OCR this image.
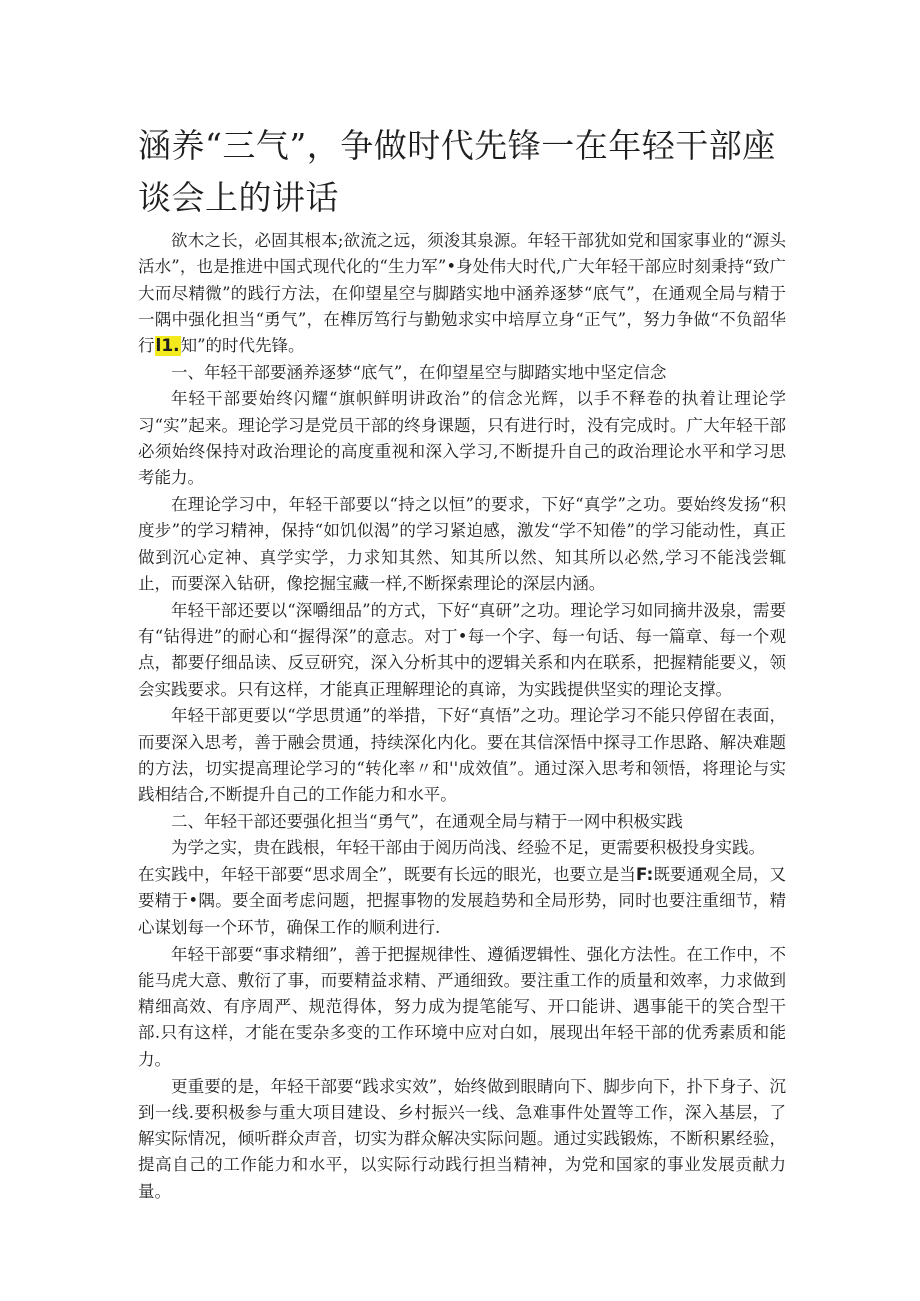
涵养“三气”，争做时代先锋一在年轻干部座谈会上的讲话

欲木之长，必固其根本;欲流之远，须浚其泉源。年轻干部犹如党和国家事业的“源头活水”，也是推进中国式现代化的“生力军”•身处伟大时代,广大年轻干部应时刻秉持“致广大而尽精微”的践行方法，在仰望星空与脚踏实地中涵养逐梦“底气”，在通观全局与精于一隅中强化担当“勇气”，在榫厉笃行与勤勉求实中培厚立身“正气”，努力争做“不负韶华行l1.知”的时代先锋。

一、年轻干部要涵养逐梦“底气”，在仰望星空与脚踏实地中坚定信念

年轻干部要始终闪耀“旗帜鲜明讲政治”的信念光辉，以手不释卷的执着让理论学习“实”起来。理论学习是党员干部的终身课题，只有进行时，没有完成时。广大年轻干部必须始终保持对政治理论的高度重视和深入学习,不断提升自己的政治理论水平和学习思考能力。

在理论学习中，年轻干部要以“持之以恒”的要求，下好“真学”之功。要始终发扬“积度步”的学习精神，保持“如饥似渴”的学习紧迫感，激发“学不知倦”的学习能动性，真正做到沉心定神、真学实学，力求知其然、知其所以然、知其所以必然,学习不能浅尝辄止，而要深入钻研，像挖掘宝藏一样,不断探索理论的深层内涵。

年轻干部还要以“深嚼细品”的方式，下好“真研”之功。理论学习如同摘井汲泉，需要有“钻得进”的耐心和“握得深”的意志。对丁•每一个字、每一句话、每一篇章、每一个观点，都要仔细品读、反豆研究，深入分析其中的逻辑关系和内在联系，把握精能要义，领会实践要求。只有这样，才能真正理解理论的真谛，为实践提供坚实的理论支撑。

年轻干部更要以“学思贯通”的举措，下好“真悟”之功。理论学习不能只停留在表面，而要深入思考，善于融会贯通，持续深化内化。要在其信深悟中探寻工作思路、解决难题的方法，切实提高理论学习的“转化率〃和''成效值”。通过深入思考和领悟，将理论与实践相结合,不断提升自己的工作能力和水平。

二、年轻干部还要强化担当“勇气”，在通观全局与精于一网中积极实践

为学之实，贵在践根，年轻干部由于阅历尚浅、经验不足，更需要积极投身实践。

在实践中，年轻干部要“思求周全”，既要有长远的眼光，也要立是当F:既要通观全局，又要精于•隅。要全面考虑问题，把握事物的发展趋势和全局形势，同时也要注重细节，精心谋划每一个环节，确保工作的顺利进行.

年轻干部要“事求精细”，善于把握规律性、遵循逻辑性、强化方法性。在工作中，不能马虎大意、敷衍了事，而要精益求精、严通细致。要注重工作的质量和效率，力求做到精细高效、有序周严、规范得体，努力成为提笔能写、开口能讲、遇事能干的笑合型干部.只有这样，才能在雯杂多变的工作环境中应对白如，展现出年轻干部的优秀素质和能力。

更重要的是，年轻干部要“践求实效”，始终做到眼睛向下、脚步向下，扑下身子、沉到一线.要积极参与重大项目建设、乡村振兴一线、急难事件处置等工作，深入基层，了解实际情况，倾听群众声音，切实为群众解决实际问题。通过实践锻炼，不断积累经验，提高自己的工作能力和水平，以实际行动践行担当精神，为党和国家的事业发展贡献力量。
